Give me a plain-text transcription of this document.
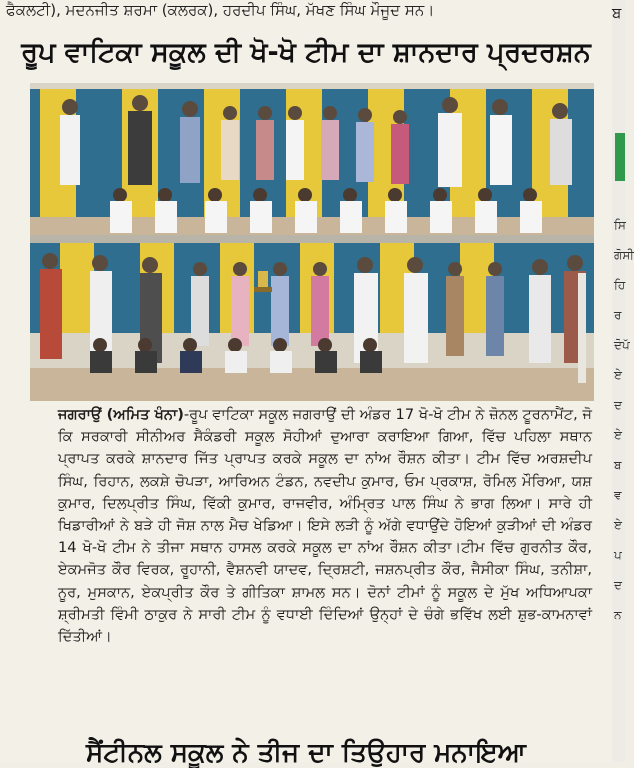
ਫੈਕਲਟੀ), ਮਦਨਜੀਤ ਸ਼ਰਮਾ (ਕਲਰਕ), ਹਰਦੀਪ ਸਿੰਘ, ਮੱਖਣ ਸਿੰਘ ਮੌਜੂਦ ਸਨ।
ਰੂਪ ਵਾਟਿਕਾ ਸਕੂਲ ਦੀ ਖੋ-ਖੋ ਟੀਮ ਦਾ ਸ਼ਾਨਦਾਰ ਪ੍ਰਦਰਸ਼ਨ
ਜਗਰਾਉਂ (ਅਮਿਤ ਖੰਨਾ)-ਰੂਪ ਵਾਟਿਕਾ ਸਕੂਲ ਜਗਰਾਉਂ ਦੀ ਅੰਡਰ 17 ਖੋ-ਖੋ ਟੀਮ ਨੇ ਜ਼ੋਨਲ ਟੂਰਨਾਮੈਂਟ, ਜੋ ਕਿ ਸਰਕਾਰੀ ਸੀਨੀਅਰ ਸੈਕੰਡਰੀ ਸਕੂਲ ਸੋਹੀਆਂ ਦੁਆਰਾ ਕਰਾਇਆ ਗਿਆ, ਵਿੱਚ ਪਹਿਲਾ ਸਥਾਨ ਪ੍ਰਾਪਤ ਕਰਕੇ ਸ਼ਾਨਦਾਰ ਜਿੱਤ ਪ੍ਰਾਪਤ ਕਰਕੇ ਸਕੂਲ ਦਾ ਨਾਂਅ ਰੌਸ਼ਨ ਕੀਤਾ। ਟੀਮ ਵਿੱਚ ਅਰਸ਼ਦੀਪ ਸਿੰਘ, ਰਿਹਾਨ, ਲਕਸ਼ੇ ਚੋਪੜਾ, ਆਰਿਅਨ ਟੰਡਨ, ਨਵਦੀਪ ਕੁਮਾਰ, ਓਮ ਪ੍ਰਕਾਸ਼, ਰੋਮਿਲ ਮੌਰਿਆ, ਯਸ਼ ਕੁਮਾਰ, ਦਿਲਪ੍ਰੀਤ ਸਿੰਘ, ਵਿੱਕੀ ਕੁਮਾਰ, ਰਾਜਵੀਰ, ਅੰਮ੍ਰਿਤ ਪਾਲ ਸਿੰਘ ਨੇ ਭਾਗ ਲਿਆ। ਸਾਰੇ ਹੀ ਖਿਡਾਰੀਆਂ ਨੇ ਬੜੇ ਹੀ ਜੋਸ਼ ਨਾਲ ਮੈਚ ਖੇਡਿਆ। ਇਸੇ ਲੜੀ ਨੂੰ ਅੱਗੇ ਵਧਾਉਂਦੇ ਹੋਇਆਂ ਕੁੜੀਆਂ ਦੀ ਅੰਡਰ 14 ਖੋ-ਖੋ ਟੀਮ ਨੇ ਤੀਜਾ ਸਥਾਨ ਹਾਸਲ ਕਰਕੇ ਸਕੂਲ ਦਾ ਨਾਂਅ ਰੌਸ਼ਨ ਕੀਤਾ।ਟੀਮ ਵਿੱਚ ਗੁਰਨੀਤ ਕੌਰ, ਏਕਮਜੋਤ ਕੌਰ ਵਿਰਕ, ਰੂਹਾਨੀ, ਵੈਸ਼ਨਵੀ ਯਾਦਵ, ਦ੍ਰਿਸ਼ਟੀ, ਜਸ਼ਨਪ੍ਰੀਤ ਕੌਰ, ਜੈਸੀਕਾ ਸਿੰਘ, ਤਨੀਸ਼ਾ, ਨੂਰ, ਮੁਸਕਾਨ, ਏਕਪ੍ਰੀਤ ਕੌਰ ਤੇ ਗੀਤਿਕਾ ਸ਼ਾਮਲ ਸਨ। ਦੋਨਾਂ ਟੀਮਾਂ ਨੂੰ ਸਕੂਲ ਦੇ ਮੁੱਖ ਅਧਿਆਪਕਾ ਸ਼੍ਰੀਮਤੀ ਵਿੰਮੀ ਠਾਕੁਰ ਨੇ ਸਾਰੀ ਟੀਮ ਨੂੰ ਵਧਾਈ ਦਿੰਦਿਆਂ ਉਨ੍ਹਾਂ ਦੇ ਚੰਗੇ ਭਵਿੱਖ ਲਈ ਸ਼ੁਭ-ਕਾਮਨਾਵਾਂ ਦਿੱਤੀਆਂ।
ਸੈਂਟੀਨਲ ਸਕੂਲ ਨੇ ਤੀਜ ਦਾ ਤਿਉਹਾਰ ਮਨਾਇਆ
ਸਿਗੋਸੀਹਿਰਦੋਪੱਏਦਏਬਵਏਪਦਨ
ਬ
